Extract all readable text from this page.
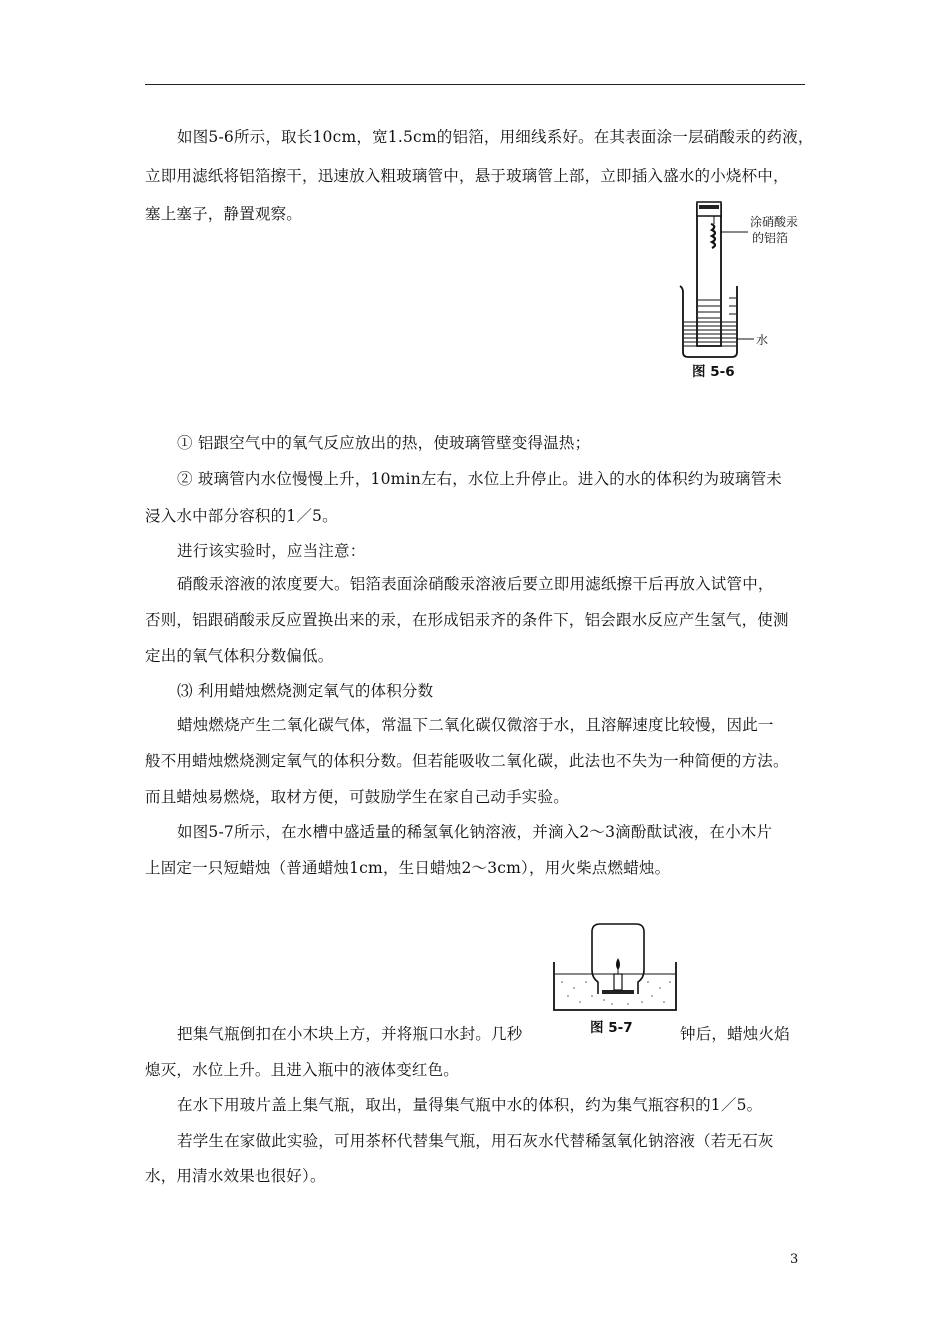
如图5-6所示，取长10cm，宽1.5cm的铝箔，用细线系好。在其表面涂一层硝酸汞的药液，
立即用滤纸将铝箔擦干，迅速放入粗玻璃管中，悬于玻璃管上部，立即插入盛水的小烧杯中，
塞上塞子，静置观察。	涂硝酸汞
的铝箔
水
图 5-6
① 铝跟空气中的氧气反应放出的热，使玻璃管壁变得温热；
② 玻璃管内水位慢慢上升，10min左右，水位上升停止。进入的水的体积约为玻璃管未
浸入水中部分容积的1／5。
进行该实验时，应当注意：
硝酸汞溶液的浓度要大。铝箔表面涂硝酸汞溶液后要立即用滤纸擦干后再放入试管中，
否则，铝跟硝酸汞反应置换出来的汞，在形成铝汞齐的条件下，铝会跟水反应产生氢气，使测
定出的氧气体积分数偏低。
⑶ 利用蜡烛燃烧测定氧气的体积分数
蜡烛燃烧产生二氧化碳气体，常温下二氧化碳仅微溶于水，且溶解速度比较慢，因此一
般不用蜡烛燃烧测定氧气的体积分数。但若能吸收二氧化碳，此法也不失为一种简便的方法。
而且蜡烛易燃烧，取材方便，可鼓励学生在家自己动手实验。
如图5-7所示，在水槽中盛适量的稀氢氧化钠溶液，并滴入2～3滴酚酞试液，在小木片
上固定一只短蜡烛（普通蜡烛1cm，生日蜡烛2～3cm），用火柴点燃蜡烛。
图 5-7
把集气瓶倒扣在小木块上方，并将瓶口水封。几秒	钟后，蜡烛火焰
熄灭，水位上升。且进入瓶中的液体变红色。
在水下用玻片盖上集气瓶，取出，量得集气瓶中水的体积，约为集气瓶容积的1／5。
若学生在家做此实验，可用茶杯代替集气瓶，用石灰水代替稀氢氧化钠溶液（若无石灰
水，用清水效果也很好）。
3
